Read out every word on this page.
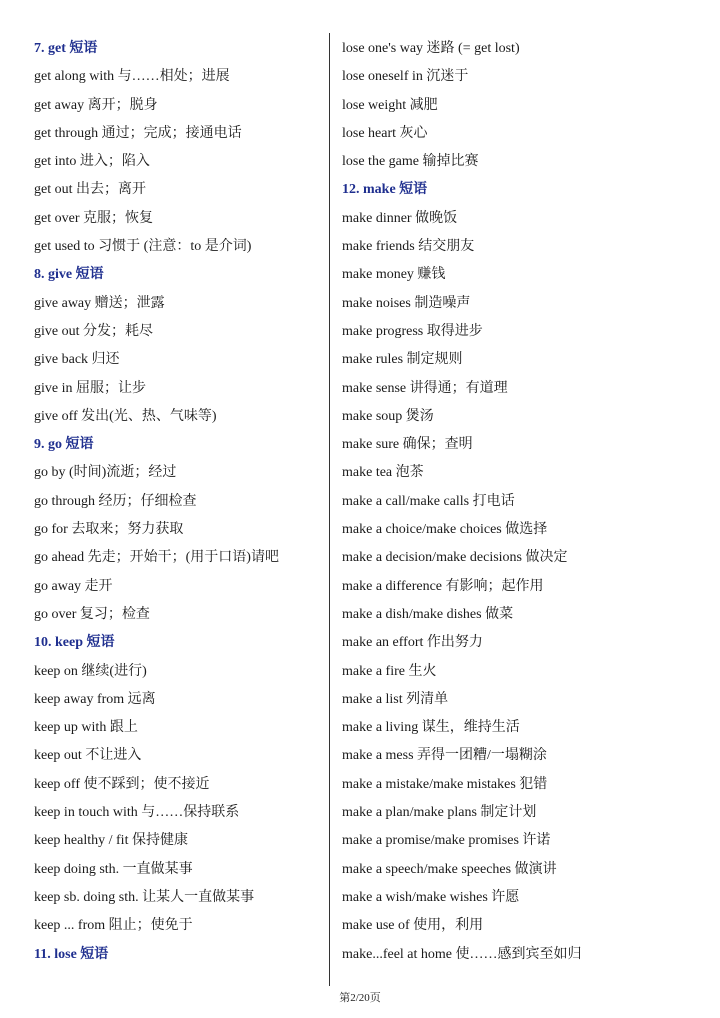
7. get 短语
get along with 与……相处；进展
get away 离开；脱身
get through 通过；完成；接通电话
get into 进入；陷入
get out 出去；离开
get over 克服；恢复
get used to 习惯于 (注意：to 是介词)
8. give 短语
give away 赠送；泄露
give out 分发；耗尽
give back 归还
give in 屈服；让步
give off 发出(光、热、气味等)
9. go 短语
go by (时间)流逝；经过
go through 经历；仔细检查
go for 去取来；努力获取
go ahead 先走；开始干；(用于口语)请吧
go away 走开
go over 复习；检查
10. keep 短语
keep on 继续(进行)
keep away from 远离
keep up with 跟上
keep out 不让进入
keep off 使不踩到；使不接近
keep in touch with 与……保持联系
keep healthy / fit 保持健康
keep doing sth. 一直做某事
keep sb. doing sth. 让某人一直做某事
keep ... from 阻止；使免于
11. lose 短语
lose one's way 迷路 (= get lost)
lose oneself in 沉迷于
lose weight 减肥
lose heart 灰心
lose the game 输掉比赛
12. make 短语
make dinner 做晚饭
make friends 结交朋友
make money 赚钱
make noises 制造噪声
make progress 取得进步
make rules 制定规则
make sense 讲得通；有道理
make soup 煲汤
make sure 确保；查明
make tea 泡茶
make a call/make calls 打电话
make a choice/make choices 做选择
make a decision/make decisions 做决定
make a difference 有影响；起作用
make a dish/make dishes 做菜
make an effort 作出努力
make a fire 生火
make a list 列清单
make a living 谋生，维持生活
make a mess 弄得一团糟/一塌糊涂
make a mistake/make mistakes 犯错
make a plan/make plans 制定计划
make a promise/make promises 许诺
make a speech/make speeches 做演讲
make a wish/make wishes 许愿
make use of 使用，利用
make...feel at home 使……感到宾至如归
第2/20页
